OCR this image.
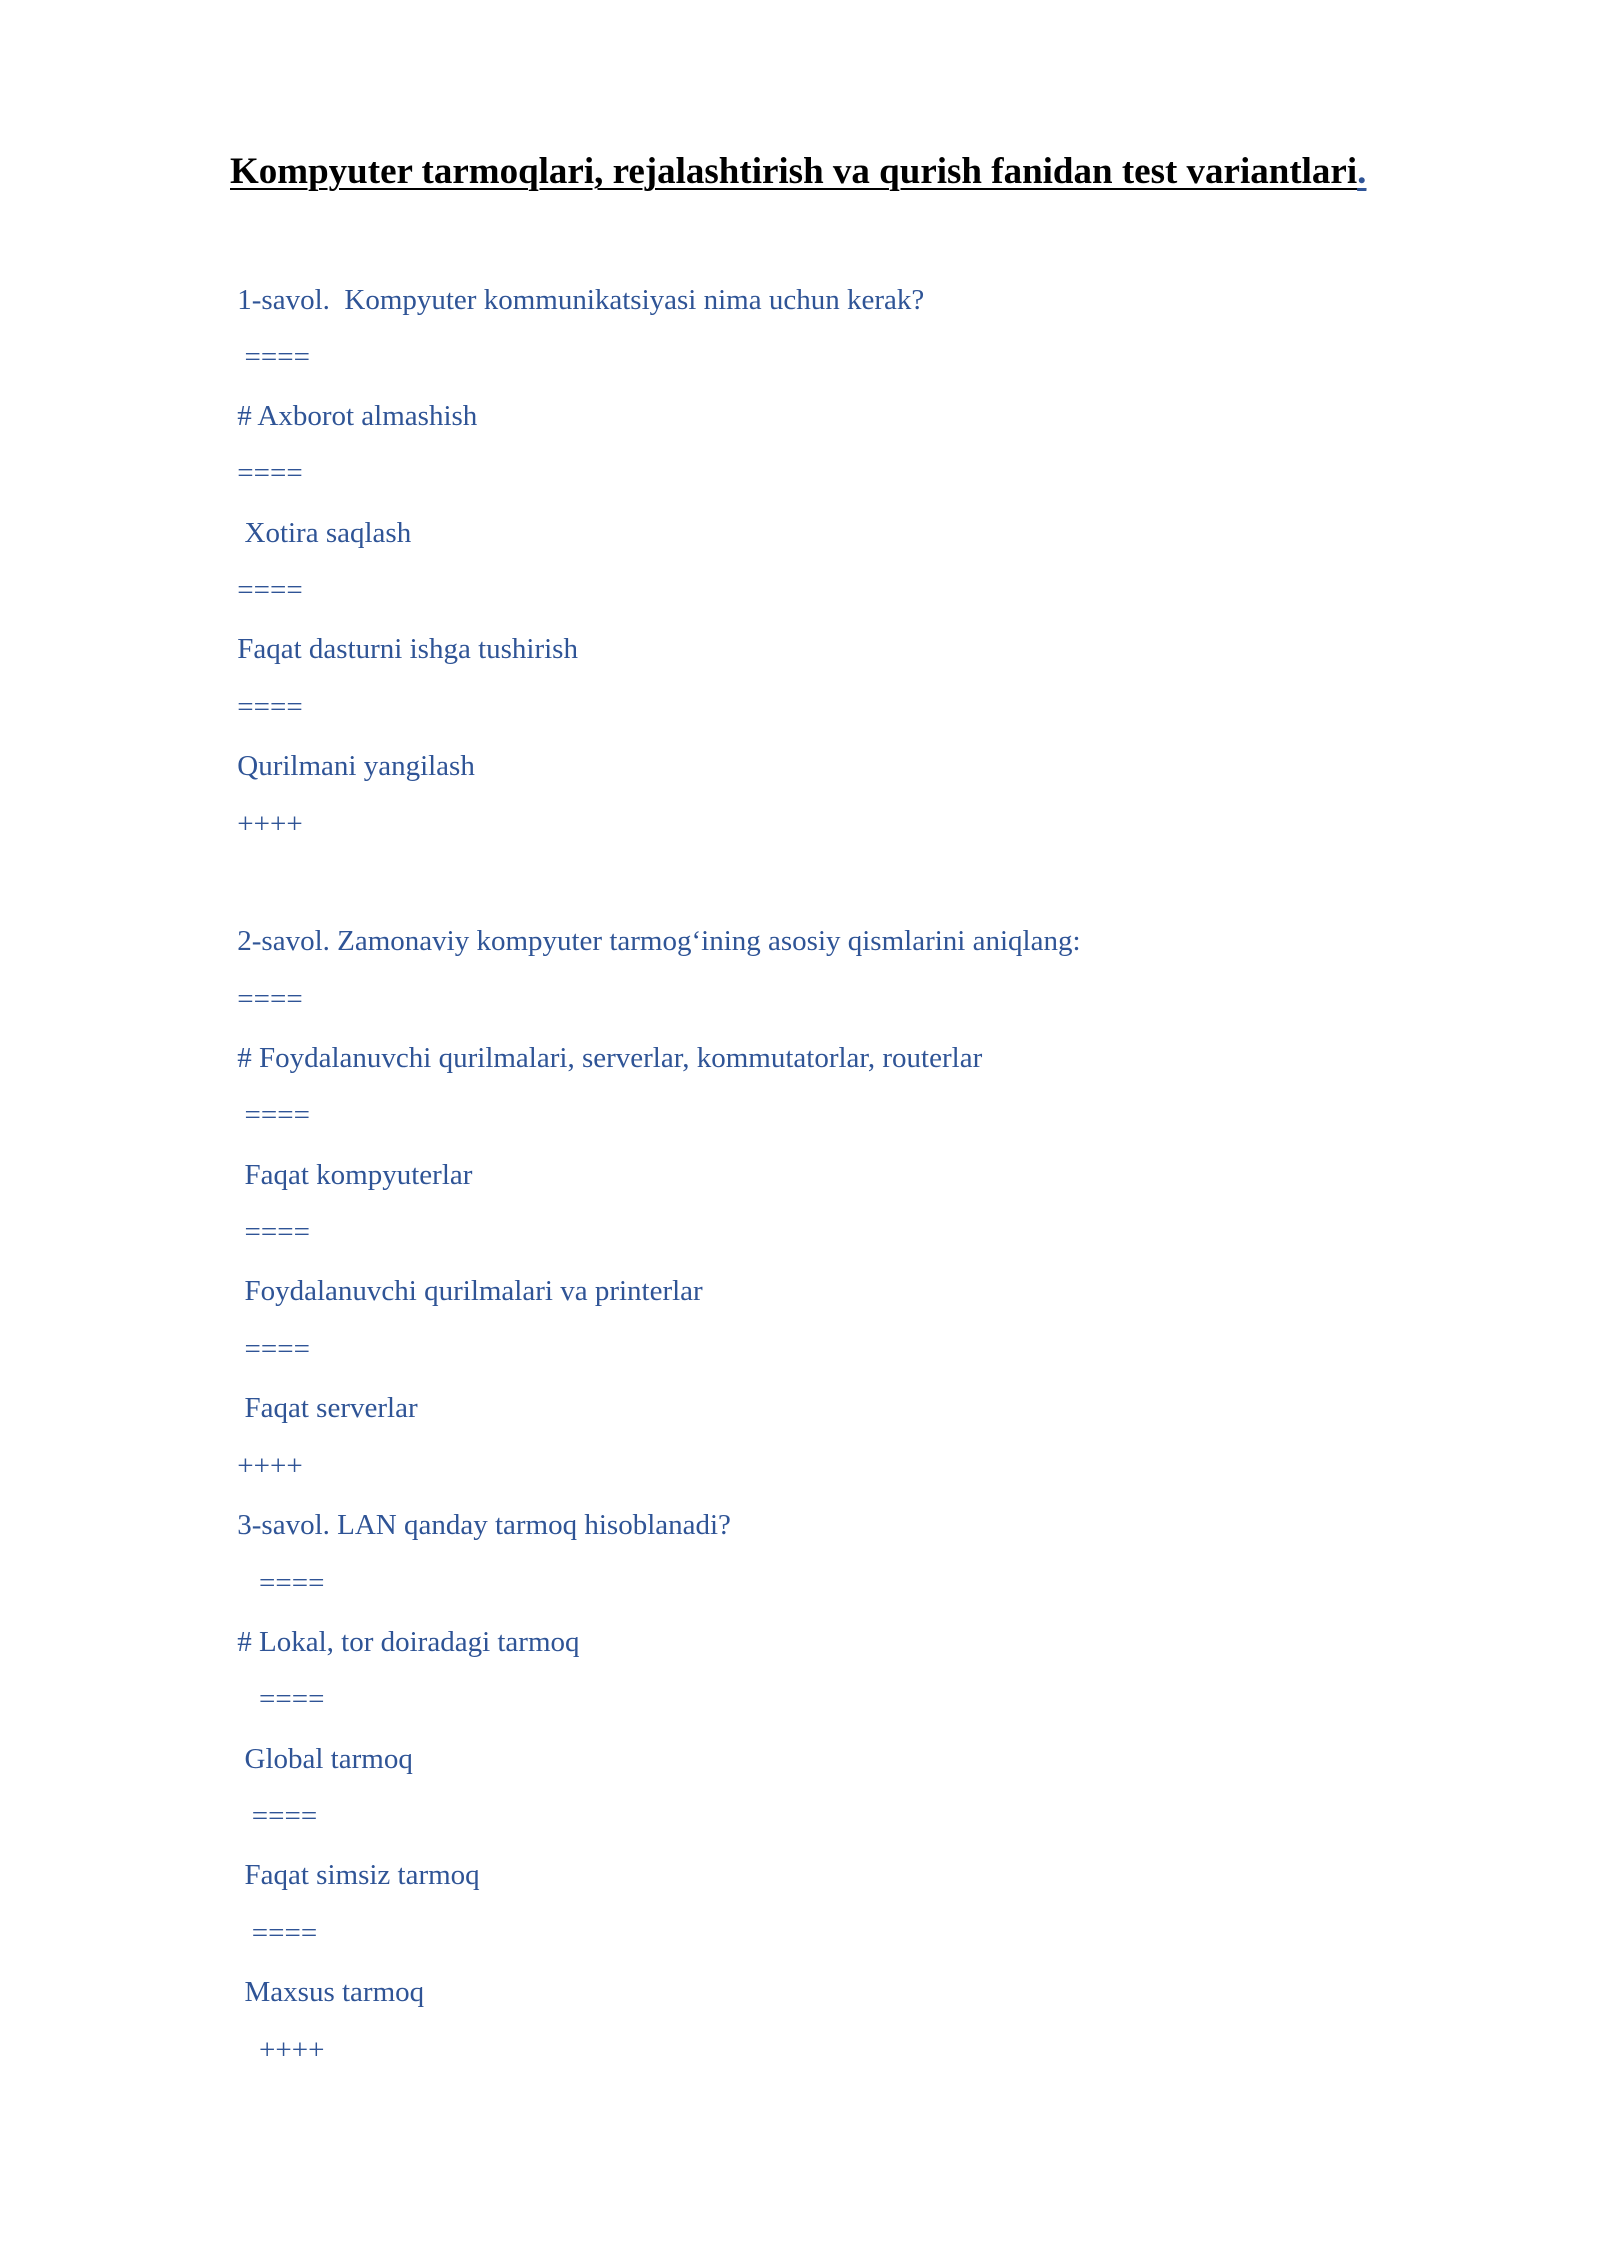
Kompyuter tarmoqlari, rejalashtirish va qurish fanidan test variantlari.
1-savol.  Kompyuter kommunikatsiyasi nima uchun kerak?
====
# Axborot almashish
====
Xotira saqlash
====
Faqat dasturni ishga tushirish
====
Qurilmani yangilash
++++
2-savol. Zamonaviy kompyuter tarmog‘ining asosiy qismlarini aniqlang:
====
# Foydalanuvchi qurilmalari, serverlar, kommutatorlar, routerlar
====
Faqat kompyuterlar
====
Foydalanuvchi qurilmalari va printerlar
====
Faqat serverlar
++++
3-savol. LAN qanday tarmoq hisoblanadi?
====
# Lokal, tor doiradagi tarmoq
====
Global tarmoq
====
Faqat simsiz tarmoq
====
Maxsus tarmoq
++++
